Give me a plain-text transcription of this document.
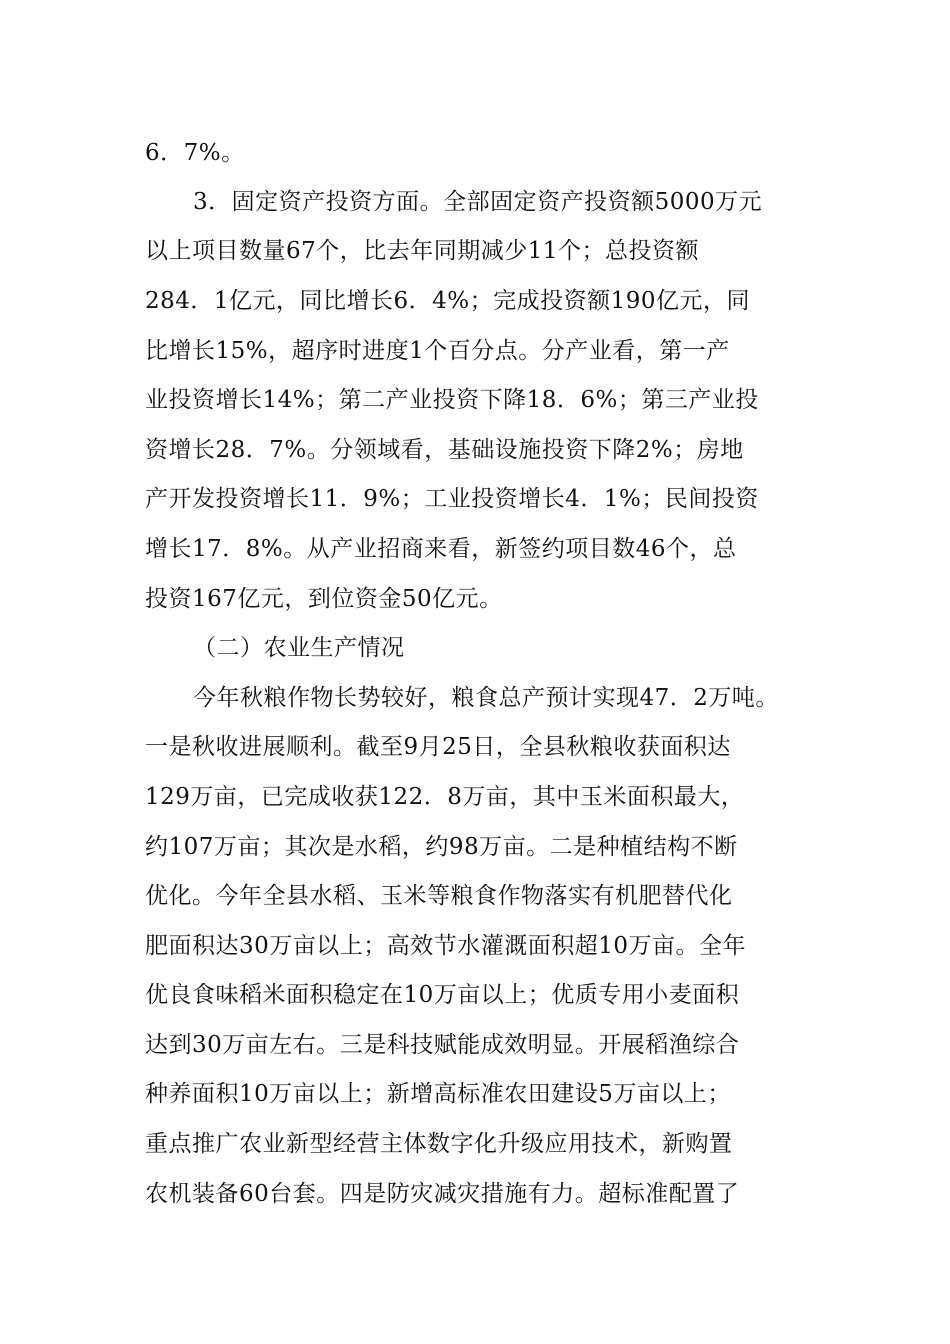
6．7%。
3．固定资产投资方面。全部固定资产投资额5000万元
以上项目数量67个，比去年同期减少11个；总投资额
284．1亿元，同比增长6．4%；完成投资额190亿元，同
比增长15%，超序时进度1个百分点。分产业看，第一产
业投资增长14%；第二产业投资下降18．6%；第三产业投
资增长28．7%。分领域看，基础设施投资下降2%；房地
产开发投资增长11．9%；工业投资增长4．1%；民间投资
增长17．8%。从产业招商来看，新签约项目数46个，总
投资167亿元，到位资金50亿元。
（二）农业生产情况
今年秋粮作物长势较好，粮食总产预计实现47．2万吨。
一是秋收进展顺利。截至9月25日，全县秋粮收获面积达
129万亩，已完成收获122．8万亩，其中玉米面积最大，
约107万亩；其次是水稻，约98万亩。二是种植结构不断
优化。今年全县水稻、玉米等粮食作物落实有机肥替代化
肥面积达30万亩以上；高效节水灌溉面积超10万亩。全年
优良食味稻米面积稳定在10万亩以上；优质专用小麦面积
达到30万亩左右。三是科技赋能成效明显。开展稻渔综合
种养面积10万亩以上；新增高标准农田建设5万亩以上；
重点推广农业新型经营主体数字化升级应用技术，新购置
农机装备60台套。四是防灾减灾措施有力。超标准配置了
